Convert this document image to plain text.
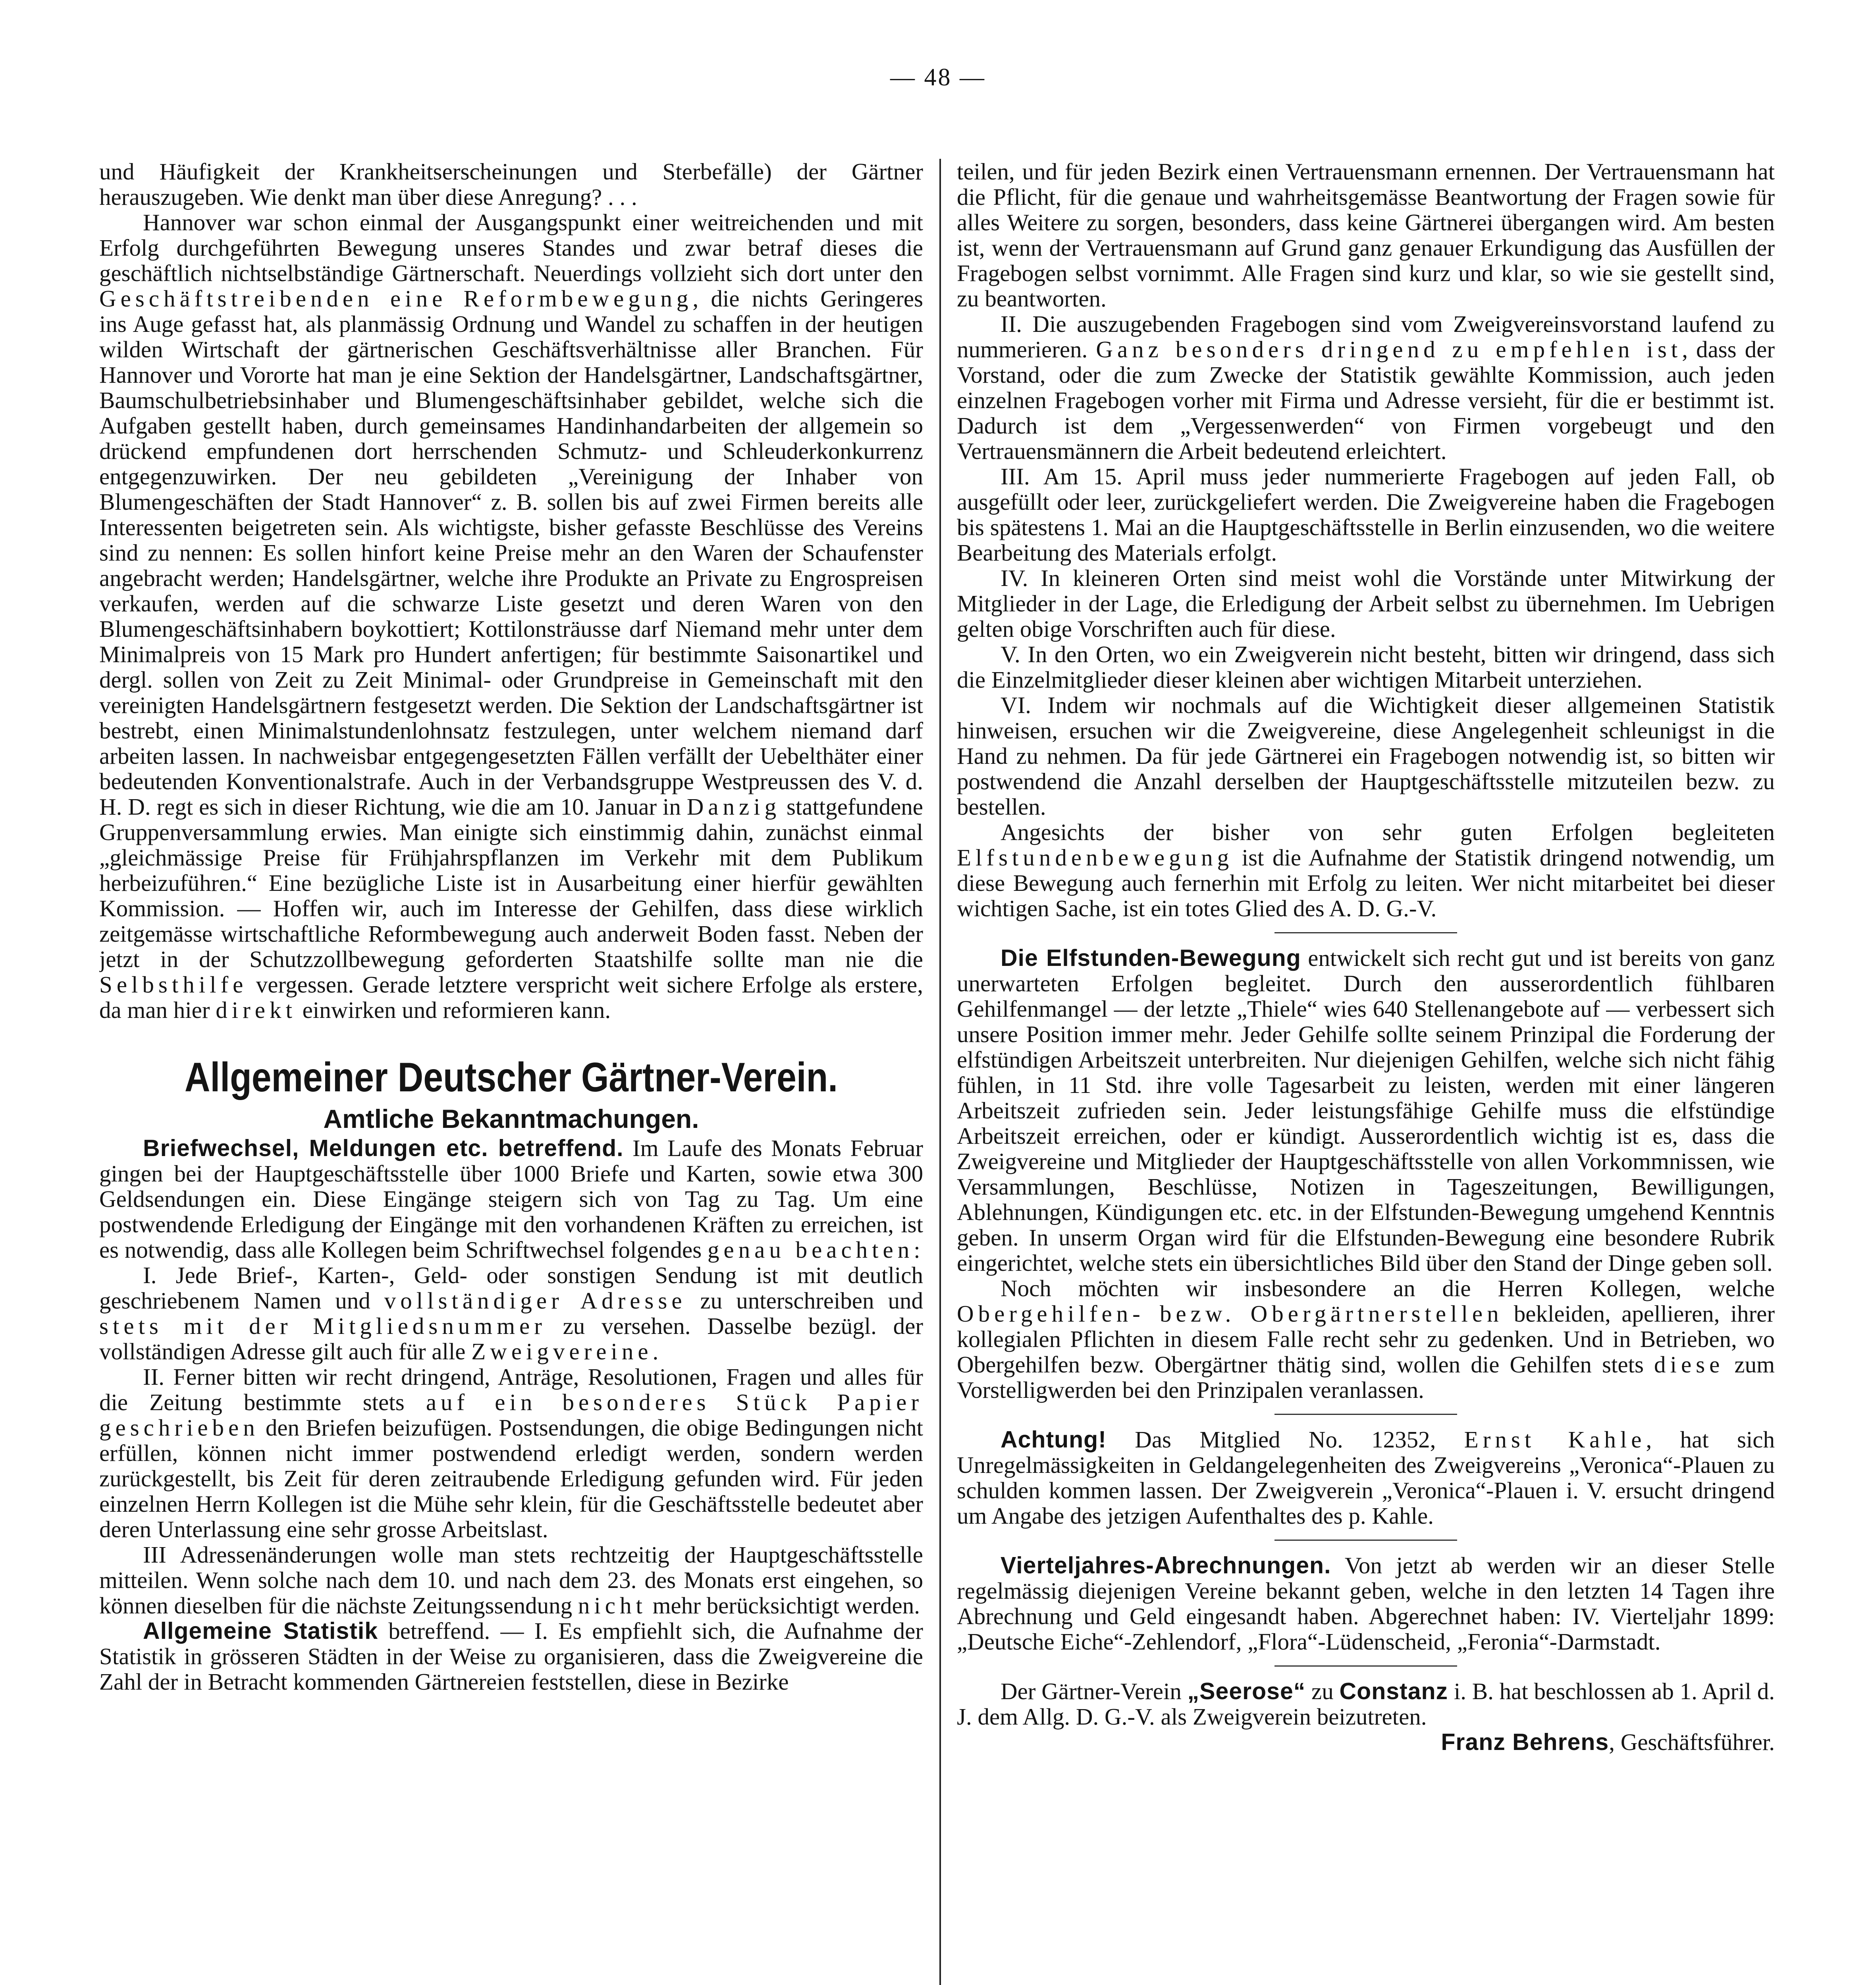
— 48 —

und Häufigkeit der Krankheitserscheinungen und Sterbefälle) der Gärtner herauszugeben. Wie denkt man über diese Anregung? . . .

Hannover war schon einmal der Ausgangspunkt einer weitreichenden und mit Erfolg durchgeführten Bewegung unseres Standes und zwar betraf dieses die geschäftlich nichtselbständige Gärtnerschaft. Neuerdings vollzieht sich dort unter den Geschäftstreibenden eine Reformbewegung, die nichts Geringeres ins Auge gefasst hat, als planmässig Ordnung und Wandel zu schaffen in der heutigen wilden Wirtschaft der gärtnerischen Geschäftsverhältnisse aller Branchen. Für Hannover und Vororte hat man je eine Sektion der Handelsgärtner, Landschaftsgärtner, Baumschulbetriebsinhaber und Blumengeschäftsinhaber gebildet, welche sich die Aufgaben gestellt haben, durch gemeinsames Handinhandarbeiten der allgemein so drückend empfundenen dort herrschenden Schmutz- und Schleuderkonkurrenz entgegenzuwirken. Der neu gebildeten „Vereinigung der Inhaber von Blumengeschäften der Stadt Hannover“ z. B. sollen bis auf zwei Firmen bereits alle Interessenten beigetreten sein. Als wichtigste, bisher gefasste Beschlüsse des Vereins sind zu nennen: Es sollen hinfort keine Preise mehr an den Waren der Schaufenster angebracht werden; Handelsgärtner, welche ihre Produkte an Private zu Engrospreisen verkaufen, werden auf die schwarze Liste gesetzt und deren Waren von den Blumengeschäftsinhabern boykottiert; Kottilonsträusse darf Niemand mehr unter dem Minimalpreis von 15 Mark pro Hundert anfertigen; für bestimmte Saisonartikel und dergl. sollen von Zeit zu Zeit Minimal- oder Grundpreise in Gemeinschaft mit den vereinigten Handelsgärtnern festgesetzt werden. Die Sektion der Landschaftsgärtner ist bestrebt, einen Minimalstundenlohnsatz festzulegen, unter welchem niemand darf arbeiten lassen. In nachweisbar entgegengesetzten Fällen verfällt der Uebelthäter einer bedeutenden Konventionalstrafe. Auch in der Verbandsgruppe Westpreussen des V. d. H. D. regt es sich in dieser Richtung, wie die am 10. Januar in Danzig stattgefundene Gruppenversammlung erwies. Man einigte sich einstimmig dahin, zunächst einmal „gleichmässige Preise für Frühjahrspflanzen im Verkehr mit dem Publikum herbeizuführen.“ Eine bezügliche Liste ist in Ausarbeitung einer hierfür gewählten Kommission. — Hoffen wir, auch im Interesse der Gehilfen, dass diese wirklich zeitgemässe wirtschaftliche Reformbewegung auch anderweit Boden fasst. Neben der jetzt in der Schutzzollbewegung geforderten Staatshilfe sollte man nie die Selbsthilfe vergessen. Gerade letztere verspricht weit sichere Erfolge als erstere, da man hier direkt einwirken und reformieren kann.

Allgemeiner Deutscher Gärtner-Verein.
Amtliche Bekanntmachungen.

Briefwechsel, Meldungen etc. betreffend. Im Laufe des Monats Februar gingen bei der Hauptgeschäftsstelle über 1000 Briefe und Karten, sowie etwa 300 Geldsendungen ein. Diese Eingänge steigern sich von Tag zu Tag. Um eine postwendende Erledigung der Eingänge mit den vorhandenen Kräften zu erreichen, ist es notwendig, dass alle Kollegen beim Schriftwechsel folgendes genau beachten:

I. Jede Brief-, Karten-, Geld- oder sonstigen Sendung ist mit deutlich geschriebenem Namen und vollständiger Adresse zu unterschreiben und stets mit der Mitgliedsnummer zu versehen. Dasselbe bezügl. der vollständigen Adresse gilt auch für alle Zweigvereine.

II. Ferner bitten wir recht dringend, Anträge, Resolutionen, Fragen und alles für die Zeitung bestimmte stets auf ein besonderes Stück Papier geschrieben den Briefen beizufügen. Postsendungen, die obige Bedingungen nicht erfüllen, können nicht immer postwendend erledigt werden, sondern werden zurückgestellt, bis Zeit für deren zeitraubende Erledigung gefunden wird. Für jeden einzelnen Herrn Kollegen ist die Mühe sehr klein, für die Geschäftsstelle bedeutet aber deren Unterlassung eine sehr grosse Arbeitslast.

III Adressenänderungen wolle man stets rechtzeitig der Hauptgeschäftsstelle mitteilen. Wenn solche nach dem 10. und nach dem 23. des Monats erst eingehen, so können dieselben für die nächste Zeitungssendung nicht mehr berücksichtigt werden.

Allgemeine Statistik betreffend. — I. Es empfiehlt sich, die Aufnahme der Statistik in grösseren Städten in der Weise zu organisieren, dass die Zweigvereine die Zahl der in Betracht kommenden Gärtnereien feststellen, diese in Bezirke

teilen, und für jeden Bezirk einen Vertrauensmann ernennen. Der Vertrauensmann hat die Pflicht, für die genaue und wahrheitsgemässe Beantwortung der Fragen sowie für alles Weitere zu sorgen, besonders, dass keine Gärtnerei übergangen wird. Am besten ist, wenn der Vertrauensmann auf Grund ganz genauer Erkundigung das Ausfüllen der Fragebogen selbst vornimmt. Alle Fragen sind kurz und klar, so wie sie gestellt sind, zu beantworten.

II. Die auszugebenden Fragebogen sind vom Zweigvereinsvorstand laufend zu nummerieren. Ganz besonders dringend zu empfehlen ist, dass der Vorstand, oder die zum Zwecke der Statistik gewählte Kommission, auch jeden einzelnen Fragebogen vorher mit Firma und Adresse versieht, für die er bestimmt ist. Dadurch ist dem „Vergessenwerden“ von Firmen vorgebeugt und den Vertrauensmännern die Arbeit bedeutend erleichtert.

III. Am 15. April muss jeder nummerierte Fragebogen auf jeden Fall, ob ausgefüllt oder leer, zurückgeliefert werden. Die Zweigvereine haben die Fragebogen bis spätestens 1. Mai an die Hauptgeschäftsstelle in Berlin einzusenden, wo die weitere Bearbeitung des Materials erfolgt.

IV. In kleineren Orten sind meist wohl die Vorstände unter Mitwirkung der Mitglieder in der Lage, die Erledigung der Arbeit selbst zu übernehmen. Im Uebrigen gelten obige Vorschriften auch für diese.

V. In den Orten, wo ein Zweigverein nicht besteht, bitten wir dringend, dass sich die Einzelmitglieder dieser kleinen aber wichtigen Mitarbeit unterziehen.

VI. Indem wir nochmals auf die Wichtigkeit dieser allgemeinen Statistik hinweisen, ersuchen wir die Zweigvereine, diese Angelegenheit schleunigst in die Hand zu nehmen. Da für jede Gärtnerei ein Fragebogen notwendig ist, so bitten wir postwendend die Anzahl derselben der Hauptgeschäftsstelle mitzuteilen bezw. zu bestellen.

Angesichts der bisher von sehr guten Erfolgen begleiteten Elfstundenbewegung ist die Aufnahme der Statistik dringend notwendig, um diese Bewegung auch fernerhin mit Erfolg zu leiten. Wer nicht mitarbeitet bei dieser wichtigen Sache, ist ein totes Glied des A. D. G.-V.

Die Elfstunden-Bewegung entwickelt sich recht gut und ist bereits von ganz unerwarteten Erfolgen begleitet. Durch den ausserordentlich fühlbaren Gehilfenmangel — der letzte „Thiele“ wies 640 Stellenangebote auf — verbessert sich unsere Position immer mehr. Jeder Gehilfe sollte seinem Prinzipal die Forderung der elfstündigen Arbeitszeit unterbreiten. Nur diejenigen Gehilfen, welche sich nicht fähig fühlen, in 11 Std. ihre volle Tagesarbeit zu leisten, werden mit einer längeren Arbeitszeit zufrieden sein. Jeder leistungsfähige Gehilfe muss die elfstündige Arbeitszeit erreichen, oder er kündigt. Ausserordentlich wichtig ist es, dass die Zweigvereine und Mitglieder der Hauptgeschäftsstelle von allen Vorkommnissen, wie Versammlungen, Beschlüsse, Notizen in Tageszeitungen, Bewilligungen, Ablehnungen, Kündigungen etc. etc. in der Elfstunden-Bewegung umgehend Kenntnis geben. In unserm Organ wird für die Elfstunden-Bewegung eine besondere Rubrik eingerichtet, welche stets ein übersichtliches Bild über den Stand der Dinge geben soll.

Noch möchten wir insbesondere an die Herren Kollegen, welche Obergehilfen- bezw. Obergärtnerstellen bekleiden, apellieren, ihrer kollegialen Pflichten in diesem Falle recht sehr zu gedenken. Und in Betrieben, wo Obergehilfen bezw. Obergärtner thätig sind, wollen die Gehilfen stets diese zum Vorstelligwerden bei den Prinzipalen veranlassen.

Achtung! Das Mitglied No. 12352, Ernst Kahle, hat sich Unregelmässigkeiten in Geldangelegenheiten des Zweigvereins „Veronica“-Plauen zu schulden kommen lassen. Der Zweigverein „Veronica“-Plauen i. V. ersucht dringend um Angabe des jetzigen Aufenthaltes des p. Kahle.

Vierteljahres-Abrechnungen. Von jetzt ab werden wir an dieser Stelle regelmässig diejenigen Vereine bekannt geben, welche in den letzten 14 Tagen ihre Abrechnung und Geld eingesandt haben. Abgerechnet haben: IV. Vierteljahr 1899: „Deutsche Eiche“-Zehlendorf, „Flora“-Lüdenscheid, „Feronia“-Darmstadt.

Der Gärtner-Verein „Seerose“ zu Constanz i. B. hat beschlossen ab 1. April d. J. dem Allg. D. G.-V. als Zweigverein beizutreten.

Franz Behrens, Geschäftsführer.
